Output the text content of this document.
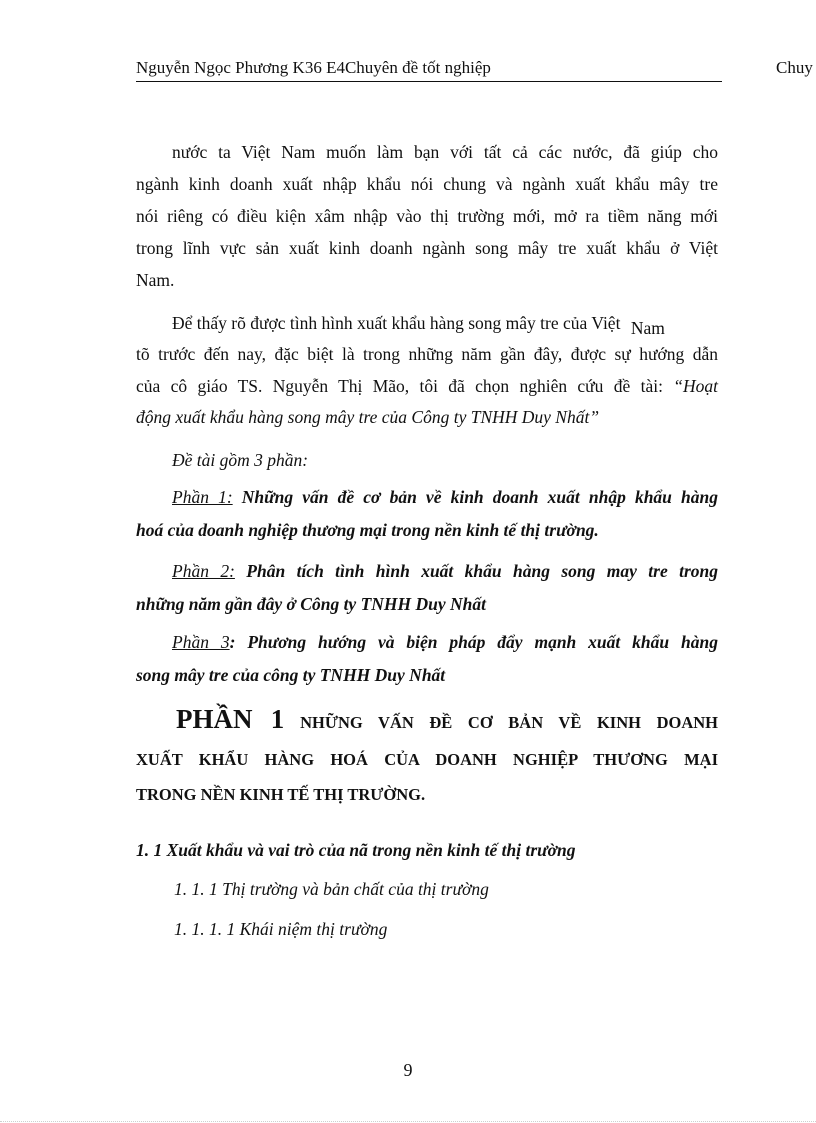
Nguyễn Ngọc Phương K36 E4Chuyên đề tốt nghiệp	Chuy
nước ta Việt Nam muốn làm bạn với tất cả các nước, đã giúp cho
ngành kinh doanh xuất nhập khẩu nói chung và ngành xuất khẩu mây tre
nói riêng có điều kiện xâm nhập vào thị trường mới, mở ra tiềm năng mới
trong lĩnh vực sản xuất kinh doanh ngành song mây tre xuất khẩu ở Việt
Nam.
Để thấy rõ được tình hình xuất khẩu hàng song mây tre của Việt Nam
tõ trước đến nay, đặc biệt là trong những năm gần đây, được sự hướng dẫn
của cô giáo TS. Nguyễn Thị Mão, tôi đã chọn nghiên cứu đề tài: “Hoạt
động xuất khẩu hàng song mây tre của Công ty TNHH Duy Nhất”
Đề tài gồm 3 phần:
Phần 1: Những vấn đề cơ bản về kinh doanh xuất nhập khẩu hàng
hoá của doanh nghiệp thương mại trong nền kinh tế thị trường.
Phần 2: Phân tích tình hình xuất khẩu hàng song may tre trong
những năm gần đây ở Công ty TNHH Duy Nhất
Phần 3: Phương hướng và biện pháp đẩy mạnh xuất khẩu hàng
song mây tre của công ty TNHH Duy Nhất
PHẦN 1 NHỮNG VẤN ĐỀ CƠ BẢN VỀ KINH DOANH
XUẤT KHẨU HÀNG HOÁ CỦA DOANH NGHIỆP THƯƠNG MẠI
TRONG NỀN KINH TẾ THỊ TRƯỜNG.
1. 1 Xuất khẩu và vai trò của nã trong nền kinh tế thị trường
1. 1. 1 Thị trường và bản chất của thị trường
1. 1. 1. 1 Khái niệm thị trường
9
